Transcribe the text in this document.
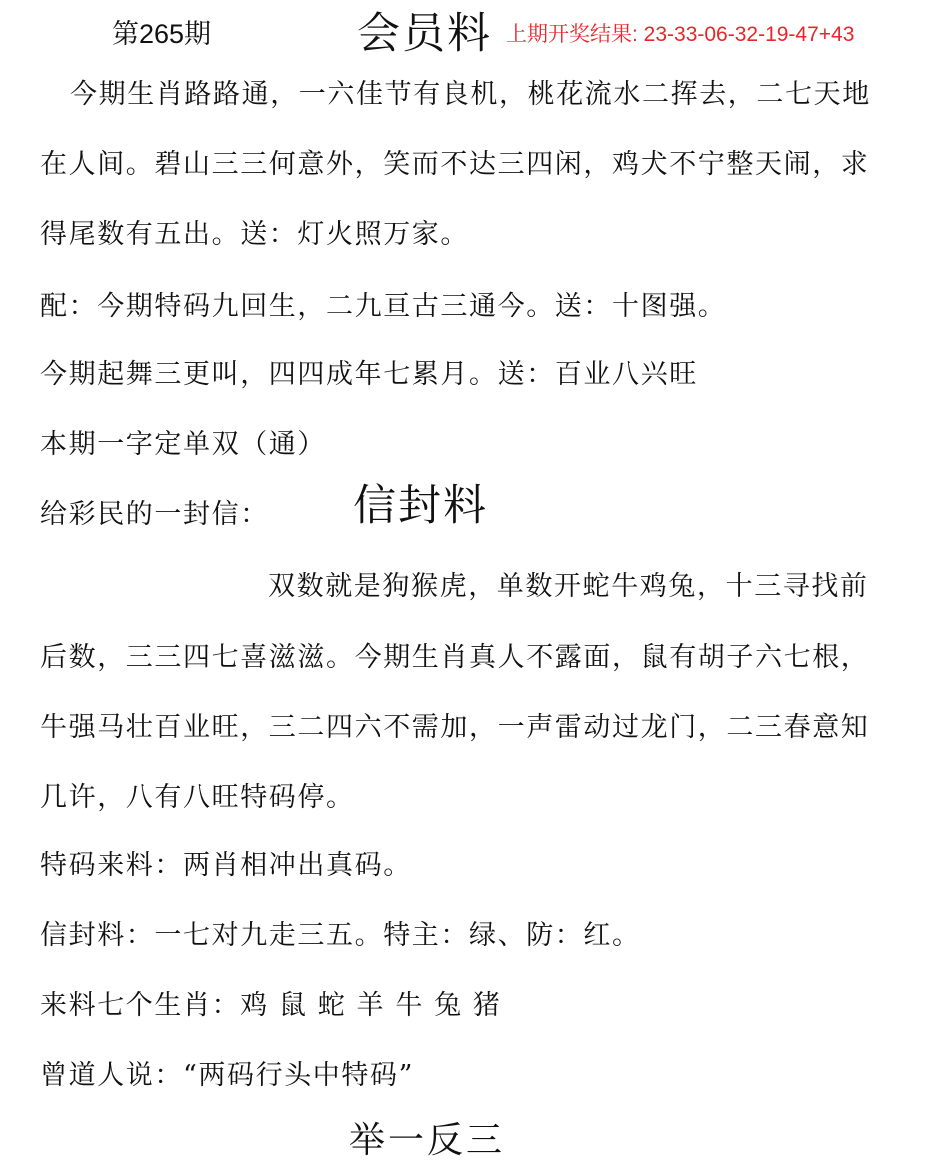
第265期	会员料 上期开奖结果: 23-33-06-32-19-47+43
今期生肖路路通，一六佳节有良机，桃花流水二挥去，二七天地
在人间。碧山三三何意外，笑而不达三四闲，鸡犬不宁整天闹，求
得尾数有五出。送：灯火照万家。
配：今期特码九回生，二九亘古三通今。送：十图强。
今期起舞三更叫，四四成年七累月。送：百业八兴旺
本期一字定单双（通）
给彩民的一封信： 信封料
双数就是狗猴虎，单数开蛇牛鸡兔，十三寻找前
后数，三三四七喜滋滋。今期生肖真人不露面，鼠有胡子六七根，
牛强马壮百业旺，三二四六不需加，一声雷动过龙门，二三春意知
几许，八有八旺特码停。
特码来料：两肖相冲出真码。
信封料：一七对九走三五。特主：绿、防：红。
来料七个生肖：鸡 鼠 蛇 羊 牛 兔 猪
曾道人说：“两码行头中特码”
举一反三
